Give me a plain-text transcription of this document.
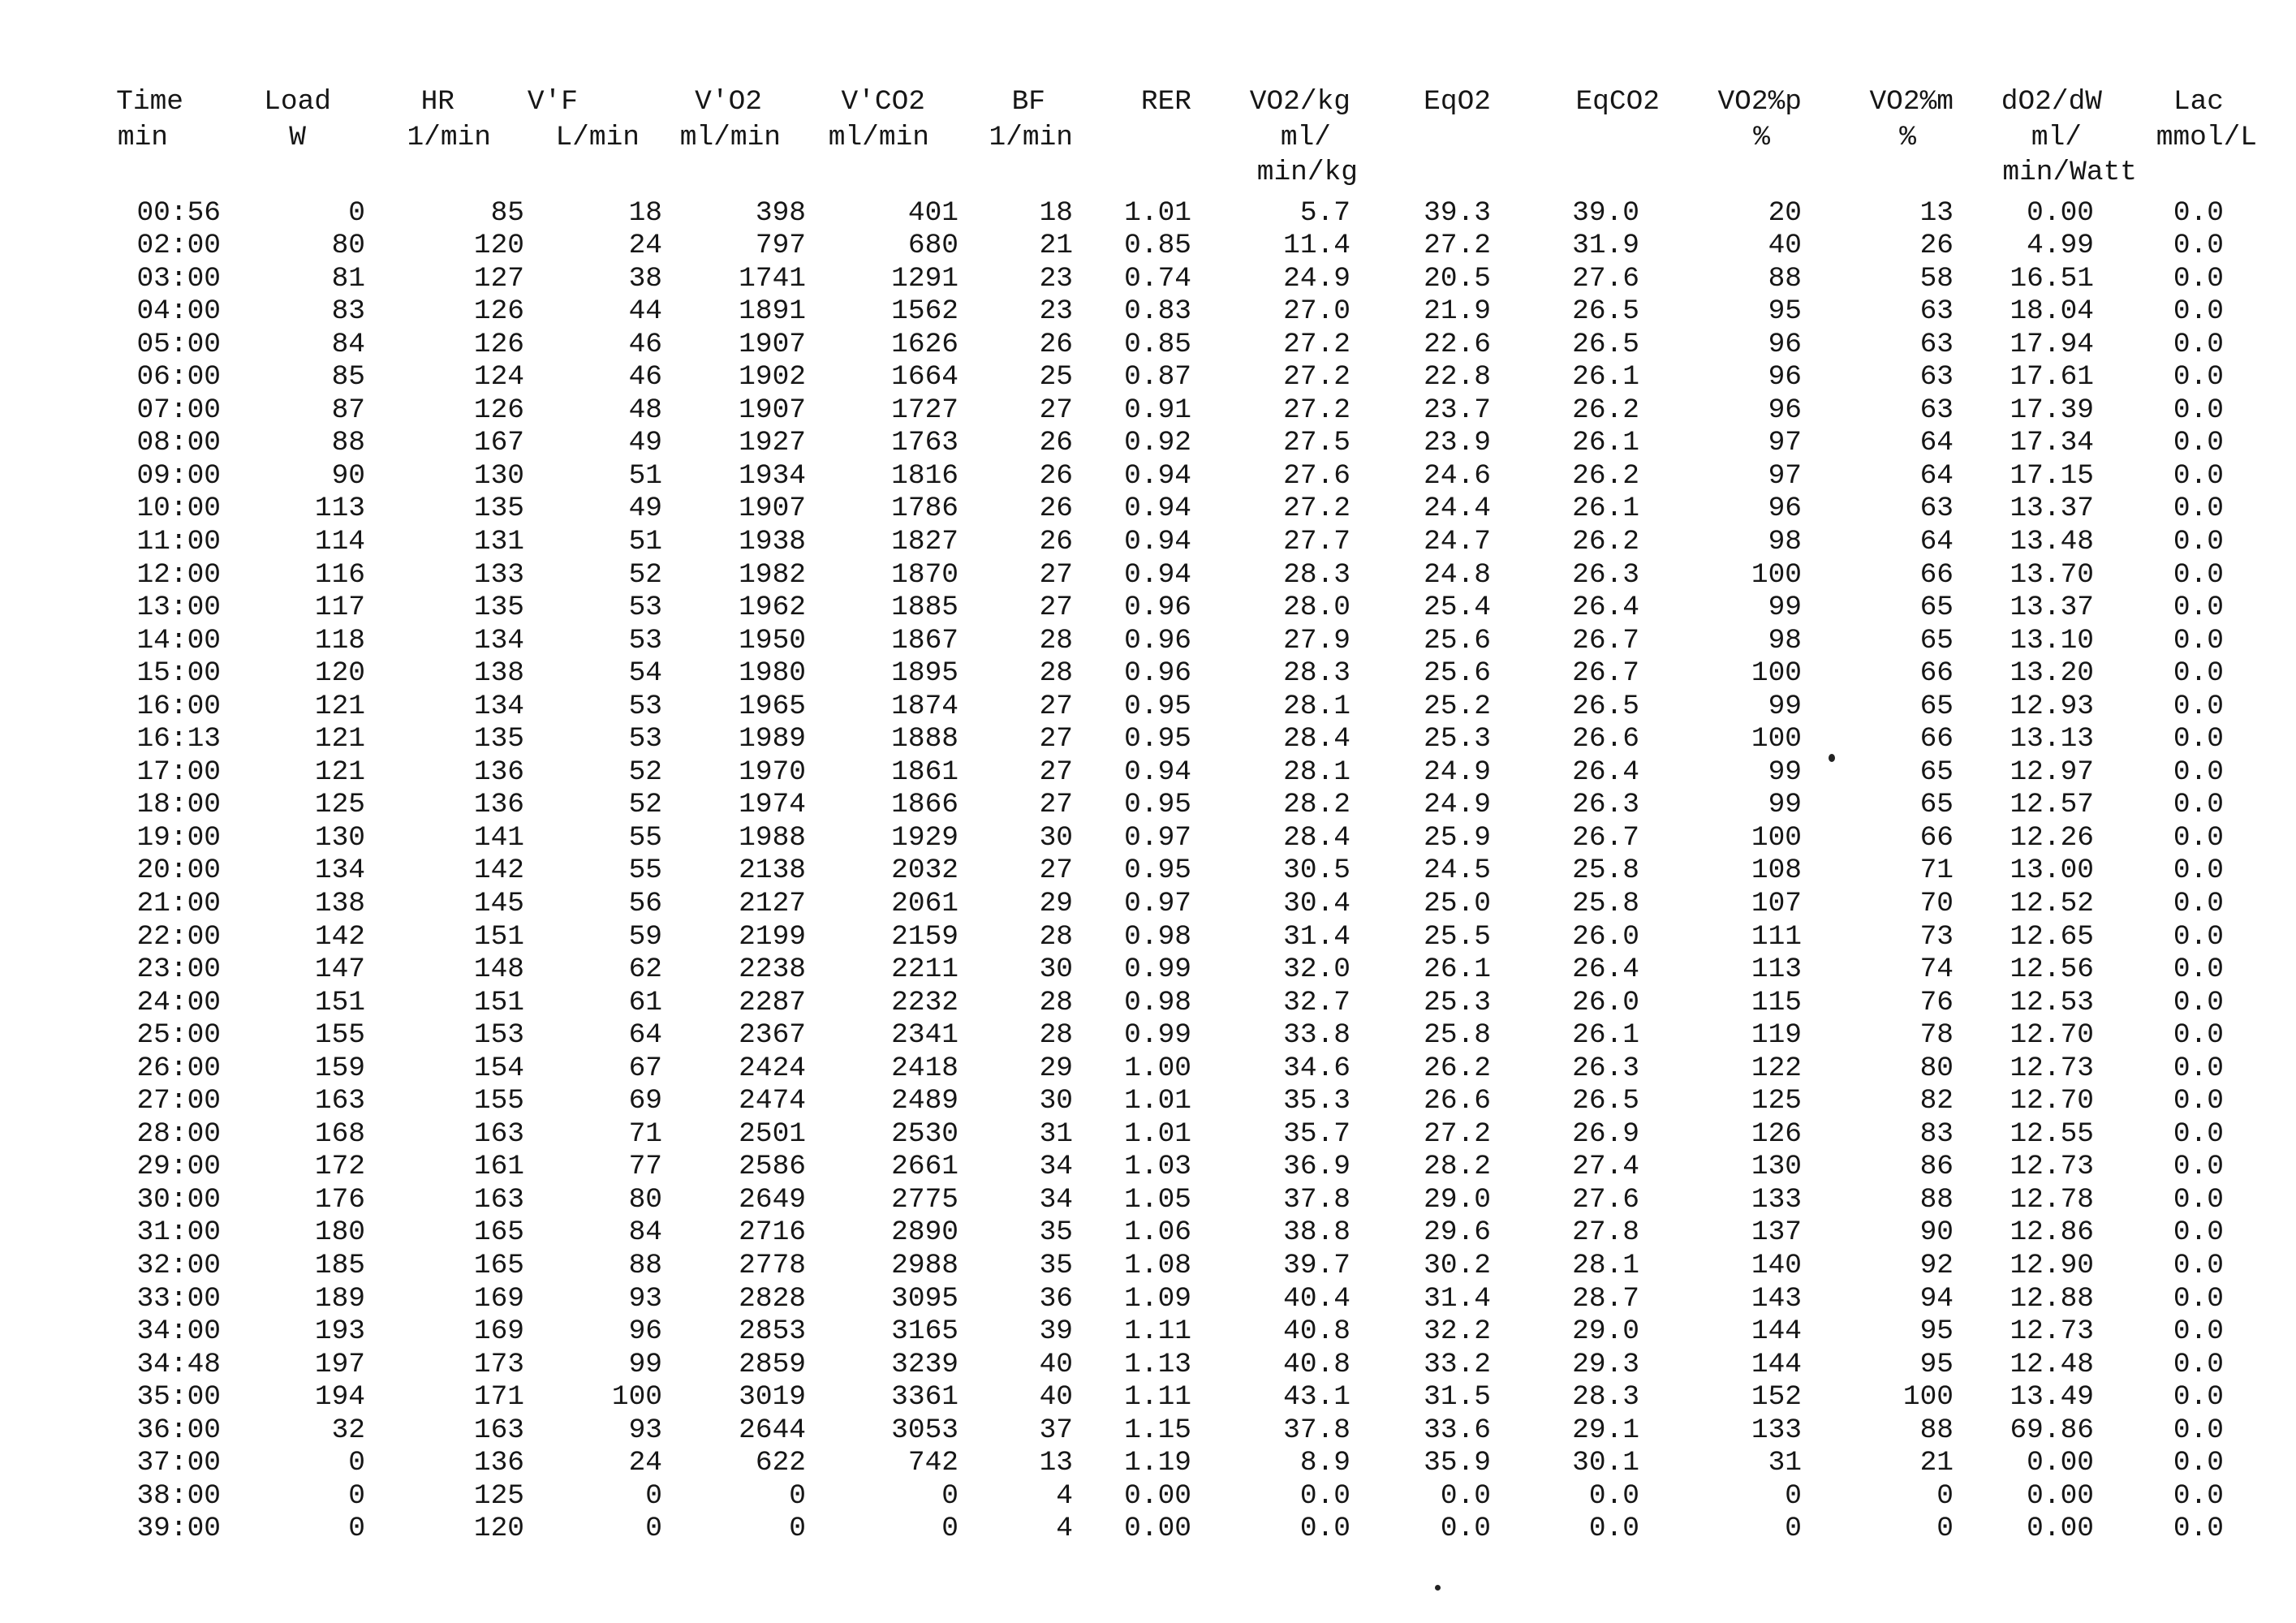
Time	Load	HR	V'F	V'O2	V'CO2	BF	RER	VO2/kg	EqO2	EqCO2	VO2%p	VO2%m	dO2/dW	Lac
min	W	1/min	L/min	ml/min	ml/min	1/min		ml/			%	%	ml/	mmol/L
								min/kg					min/Watt	
00:56	0	85	18	398	401	18	1.01	5.7	39.3	39.0	20	13	0.00	0.0
02:00	80	120	24	797	680	21	0.85	11.4	27.2	31.9	40	26	4.99	0.0
03:00	81	127	38	1741	1291	23	0.74	24.9	20.5	27.6	88	58	16.51	0.0
04:00	83	126	44	1891	1562	23	0.83	27.0	21.9	26.5	95	63	18.04	0.0
05:00	84	126	46	1907	1626	26	0.85	27.2	22.6	26.5	96	63	17.94	0.0
06:00	85	124	46	1902	1664	25	0.87	27.2	22.8	26.1	96	63	17.61	0.0
07:00	87	126	48	1907	1727	27	0.91	27.2	23.7	26.2	96	63	17.39	0.0
08:00	88	167	49	1927	1763	26	0.92	27.5	23.9	26.1	97	64	17.34	0.0
09:00	90	130	51	1934	1816	26	0.94	27.6	24.6	26.2	97	64	17.15	0.0
10:00	113	135	49	1907	1786	26	0.94	27.2	24.4	26.1	96	63	13.37	0.0
11:00	114	131	51	1938	1827	26	0.94	27.7	24.7	26.2	98	64	13.48	0.0
12:00	116	133	52	1982	1870	27	0.94	28.3	24.8	26.3	100	66	13.70	0.0
13:00	117	135	53	1962	1885	27	0.96	28.0	25.4	26.4	99	65	13.37	0.0
14:00	118	134	53	1950	1867	28	0.96	27.9	25.6	26.7	98	65	13.10	0.0
15:00	120	138	54	1980	1895	28	0.96	28.3	25.6	26.7	100	66	13.20	0.0
16:00	121	134	53	1965	1874	27	0.95	28.1	25.2	26.5	99	65	12.93	0.0
16:13	121	135	53	1989	1888	27	0.95	28.4	25.3	26.6	100	66	13.13	0.0
17:00	121	136	52	1970	1861	27	0.94	28.1	24.9	26.4	99	65	12.97	0.0
18:00	125	136	52	1974	1866	27	0.95	28.2	24.9	26.3	99	65	12.57	0.0
19:00	130	141	55	1988	1929	30	0.97	28.4	25.9	26.7	100	66	12.26	0.0
20:00	134	142	55	2138	2032	27	0.95	30.5	24.5	25.8	108	71	13.00	0.0
21:00	138	145	56	2127	2061	29	0.97	30.4	25.0	25.8	107	70	12.52	0.0
22:00	142	151	59	2199	2159	28	0.98	31.4	25.5	26.0	111	73	12.65	0.0
23:00	147	148	62	2238	2211	30	0.99	32.0	26.1	26.4	113	74	12.56	0.0
24:00	151	151	61	2287	2232	28	0.98	32.7	25.3	26.0	115	76	12.53	0.0
25:00	155	153	64	2367	2341	28	0.99	33.8	25.8	26.1	119	78	12.70	0.0
26:00	159	154	67	2424	2418	29	1.00	34.6	26.2	26.3	122	80	12.73	0.0
27:00	163	155	69	2474	2489	30	1.01	35.3	26.6	26.5	125	82	12.70	0.0
28:00	168	163	71	2501	2530	31	1.01	35.7	27.2	26.9	126	83	12.55	0.0
29:00	172	161	77	2586	2661	34	1.03	36.9	28.2	27.4	130	86	12.73	0.0
30:00	176	163	80	2649	2775	34	1.05	37.8	29.0	27.6	133	88	12.78	0.0
31:00	180	165	84	2716	2890	35	1.06	38.8	29.6	27.8	137	90	12.86	0.0
32:00	185	165	88	2778	2988	35	1.08	39.7	30.2	28.1	140	92	12.90	0.0
33:00	189	169	93	2828	3095	36	1.09	40.4	31.4	28.7	143	94	12.88	0.0
34:00	193	169	96	2853	3165	39	1.11	40.8	32.2	29.0	144	95	12.73	0.0
34:48	197	173	99	2859	3239	40	1.13	40.8	33.2	29.3	144	95	12.48	0.0
35:00	194	171	100	3019	3361	40	1.11	43.1	31.5	28.3	152	100	13.49	0.0
36:00	32	163	93	2644	3053	37	1.15	37.8	33.6	29.1	133	88	69.86	0.0
37:00	0	136	24	622	742	13	1.19	8.9	35.9	30.1	31	21	0.00	0.0
38:00	0	125	0	0	0	4	0.00	0.0	0.0	0.0	0	0	0.00	0.0
39:00	0	120	0	0	0	4	0.00	0.0	0.0	0.0	0	0	0.00	0.0
